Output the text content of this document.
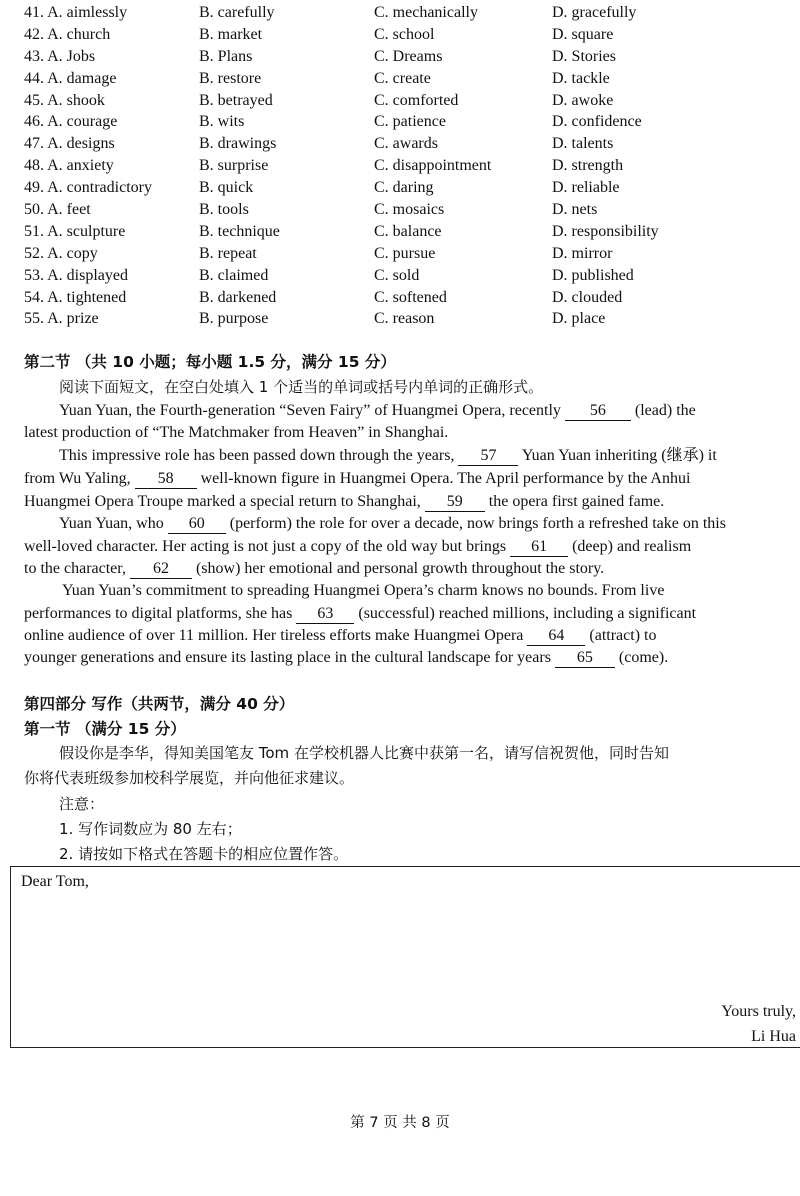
41. A. aimlessly	B. carefully	C. mechanically	D. gracefully
42. A. church	B. market	C. school	D. square
43. A. Jobs	B. Plans	C. Dreams	D. Stories
44. A. damage	B. restore	C. create	D. tackle
45. A. shook	B. betrayed	C. comforted	D. awoke
46. A. courage	B. wits	C. patience	D. confidence
47. A. designs	B. drawings	C. awards	D. talents
48. A. anxiety	B. surprise	C. disappointment	D. strength
49. A. contradictory	B. quick	C. daring	D. reliable
50. A. feet	B. tools	C. mosaics	D. nets
51. A. sculpture	B. technique	C. balance	D. responsibility
52. A. copy	B. repeat	C. pursue	D. mirror
53. A. displayed	B. claimed	C. sold	D. published
54. A. tightened	B. darkened	C. softened	D. clouded
55. A. prize	B. purpose	C. reason	D. place
第二节 （共 10 小题；每小题 1.5 分，满分 15 分）
阅读下面短文，在空白处填入 1 个适当的单词或括号内单词的正确形式。
Yuan Yuan, the Fourth-generation “Seven Fairy” of Huangmei Opera, recently 56 (lead) the
latest production of “The Matchmaker from Heaven” in Shanghai.
This impressive role has been passed down through the years, 57 Yuan Yuan inheriting (继承) it
from Wu Yaling, 58 well-known figure in Huangmei Opera. The April performance by the Anhui
Huangmei Opera Troupe marked a special return to Shanghai, 59 the opera first gained fame.
Yuan Yuan, who 60 (perform) the role for over a decade, now brings forth a refreshed take on this
well-loved character. Her acting is not just a copy of the old way but brings 61 (deep) and realism
to the character, 62 (show) her emotional and personal growth throughout the story.
Yuan Yuan’s commitment to spreading Huangmei Opera’s charm knows no bounds. From live
performances to digital platforms, she has 63 (successful) reached millions, including a significant
online audience of over 11 million. Her tireless efforts make Huangmei Opera 64 (attract) to
younger generations and ensure its lasting place in the cultural landscape for years 65 (come).
第四部分 写作（共两节，满分 40 分）
第一节 （满分 15 分）
假设你是李华，得知美国笔友 Tom 在学校机器人比赛中获第一名，请写信祝贺他，同时告知
你将代表班级参加校科学展览，并向他征求建议。
注意：
1. 写作词数应为 80 左右；
2. 请按如下格式在答题卡的相应位置作答。
Dear Tom,
Yours truly,
Li Hua
第 7 页 共 8 页
